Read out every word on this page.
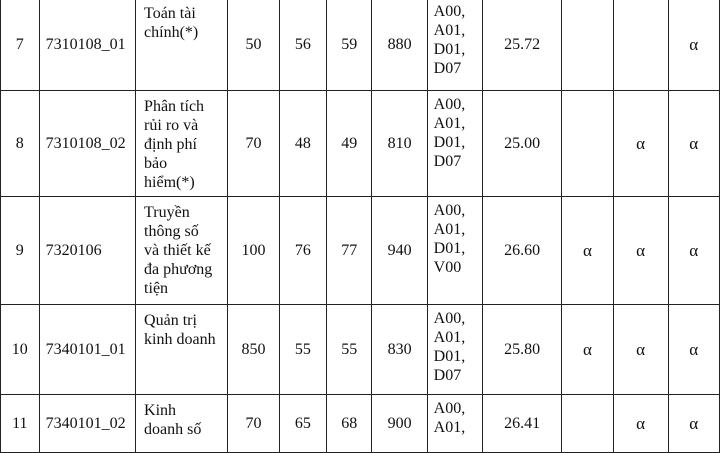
7	7310108_01	Toán tài
chính(*)	50	56	59	880	A00,
A01,
D01,
D07	25.72			α
8	7310108_02	Phân tích
rủi ro và
định phí
bảo
hiểm(*)	70	48	49	810	A00,
A01,
D01,
D07	25.00		α	α
9	7320106	Truyền
thông số
và thiết kế
đa phương
tiện	100	76	77	940	A00,
A01,
D01,
V00	26.60	α	α	α
10	7340101_01	Quản trị
kinh doanh	850	55	55	830	A00,
A01,
D01,
D07	25.80	α	α	α
11	7340101_02	Kinh
doanh số	70	65	68	900	A00,
A01,	26.41		α	α
